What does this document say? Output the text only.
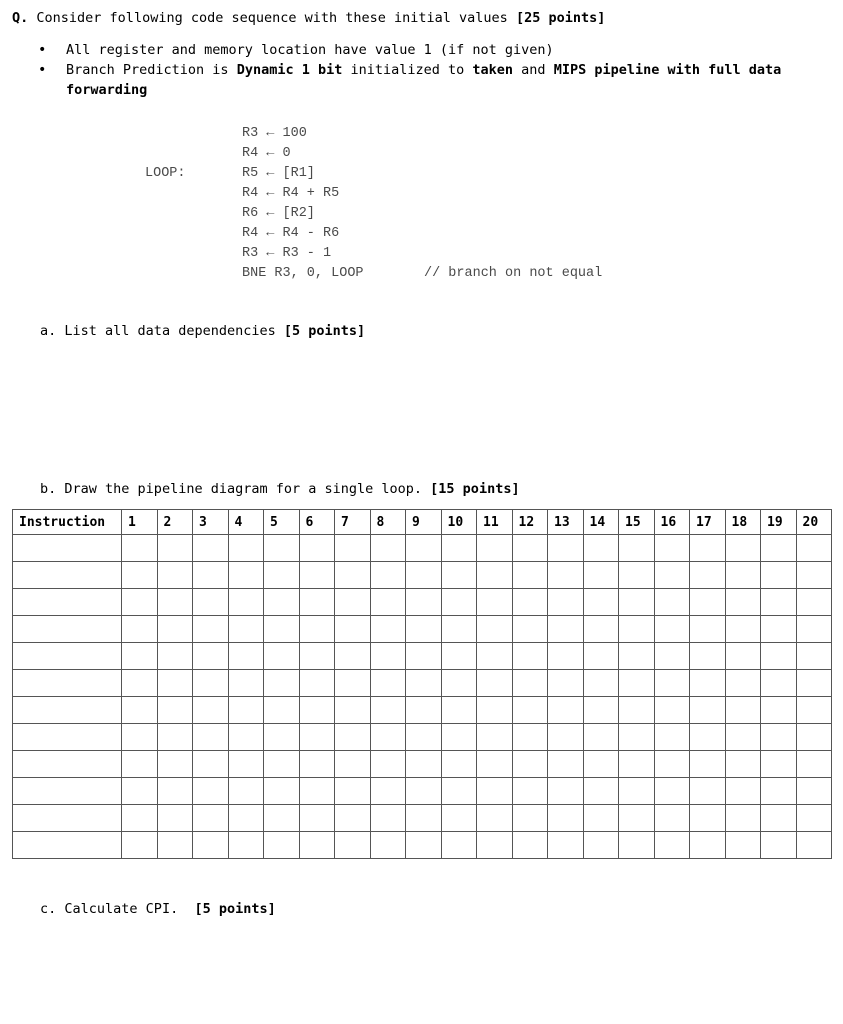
Q. Consider following code sequence with these initial values [25 points]
• All register and memory location have value 1 (if not given)
• Branch Prediction is Dynamic 1 bit initialized to taken and MIPS pipeline with full data
forwarding
LOOP:
R3 ← 100
R4 ← 0
R5 ← [R1]
R4 ← R4 + R5
R6 ← [R2]
R4 ← R4 - R6
R3 ← R3 - 1
BNE R3, 0, LOOP	// branch on not equal
a. List all data dependencies [5 points]
b. Draw the pipeline diagram for a single loop. [15 points]
Instruction	1	2	3	4	5	6	7	8	9	10	11	12	13	14	15	16	17	18	19	20

c. Calculate CPI. [5 points]
